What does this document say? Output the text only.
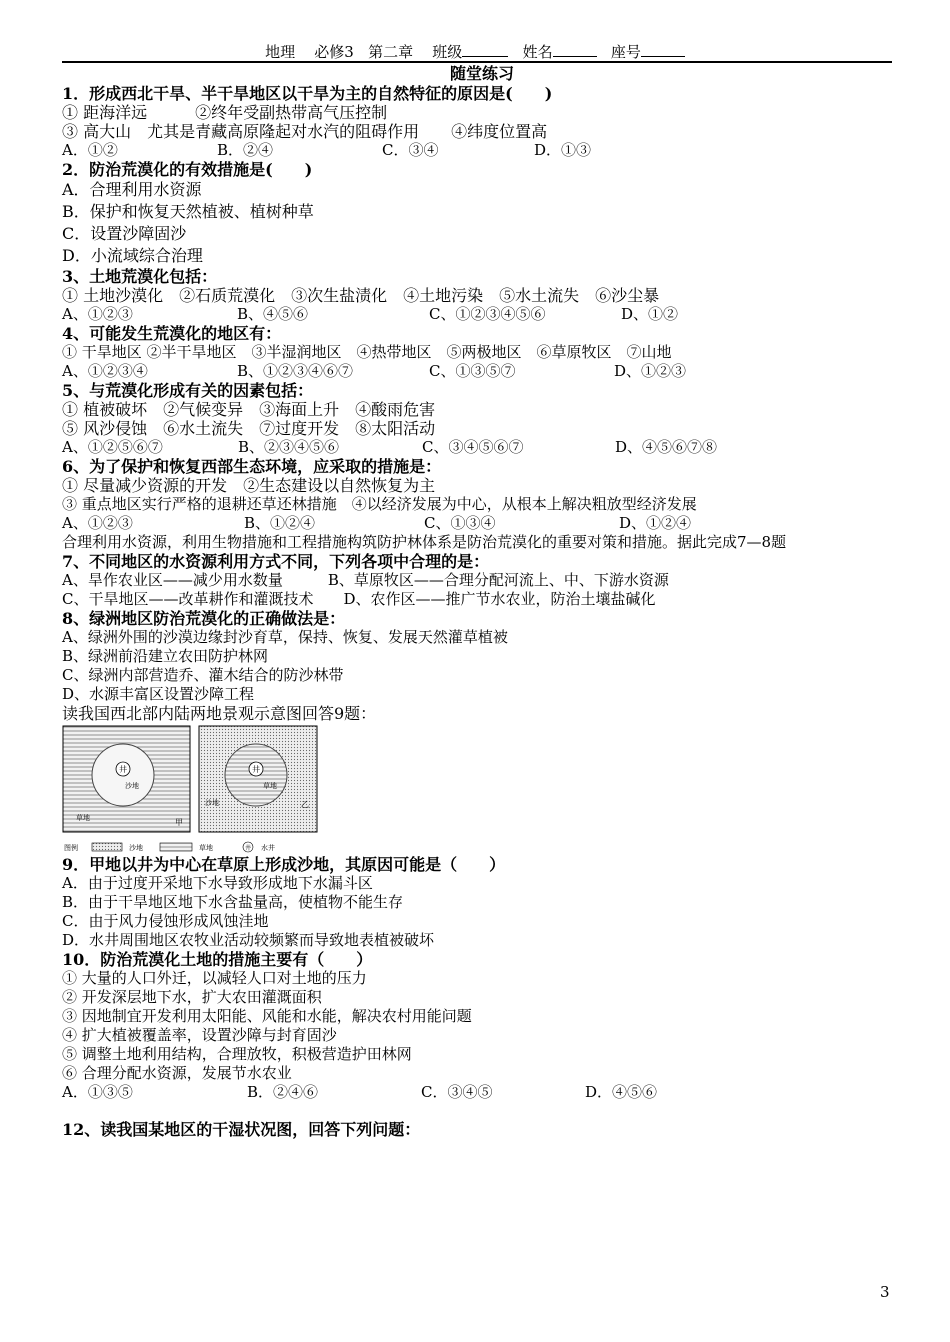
地理 必修3 第二章 班级	姓名	座号
随堂练习
1．形成西北干旱、半干旱地区以干旱为主的自然特征的原因是(　　)
① 距海洋远　　　②终年受副热带高气压控制
③ 高大山　尤其是青藏高原隆起对水汽的阻碍作用　　④纬度位置高
A．①②	B．②④	C．③④	D．①③
2．防治荒漠化的有效措施是(　　)
A．合理利用水资源
B．保护和恢复天然植被、植树种草
C．设置沙障固沙
D．小流域综合治理
3、土地荒漠化包括：
① 土地沙漠化　②石质荒漠化　③次生盐渍化　④土地污染　⑤水土流失　⑥沙尘暴
A、①②③	B、④⑤⑥	C、①②③④⑤⑥	D、①②
4、可能发生荒漠化的地区有：
① 干旱地区 ②半干旱地区　③半湿润地区　④热带地区　⑤两极地区　⑥草原牧区　⑦山地
A、①②③④	B、①②③④⑥⑦	C、①③⑤⑦	D、①②③
5、与荒漠化形成有关的因素包括：
① 植被破坏　②气候变异　③海面上升　④酸雨危害
⑤ 风沙侵蚀　⑥水土流失　⑦过度开发　⑧太阳活动
A、①②⑤⑥⑦	B、②③④⑤⑥	C、③④⑤⑥⑦	D、④⑤⑥⑦⑧
6、为了保护和恢复西部生态环境，应采取的措施是：
① 尽量减少资源的开发　②生态建设以自然恢复为主
③ 重点地区实行严格的退耕还草还林措施　④以经济发展为中心，从根本上解决粗放型经济发展
A、①②③	B、①②④	C、①③④	D、①②④
合理利用水资源，利用生物措施和工程措施构筑防护林体系是防治荒漠化的重要对策和措施。据此完成7—8题
7、不同地区的水资源利用方式不同，下列各项中合理的是：
A、旱作农业区——减少用水数量　　　B、草原牧区——合理分配河流上、中、下游水资源
C、干旱地区——改革耕作和灌溉技术　　D、农作区——推广节水农业，防治土壤盐碱化
8、绿洲地区防治荒漠化的正确做法是：
A、绿洲外围的沙漠边缘封沙育草，保持、恢复、发展天然灌草植被
B、绿洲前沿建立农田防护林网
C、绿洲内部营造乔、灌木结合的防沙林带
D、水源丰富区设置沙障工程
读我国西北部内陆两地景观示意图回答9题：
井
沙地
草地	甲
井
草地
沙地	乙
图例	沙地	草地	井 水井
9．甲地以井为中心在草原上形成沙地，其原因可能是（　　）
A．由于过度开采地下水导致形成地下水漏斗区
B．由于干旱地区地下水含盐量高，使植物不能生存
C．由于风力侵蚀形成风蚀洼地
D．水井周围地区农牧业活动较频繁而导致地表植被破坏
10．防治荒漠化土地的措施主要有（　　）
① 大量的人口外迁，以减轻人口对土地的压力
② 开发深层地下水，扩大农田灌溉面积
③ 因地制宜开发利用太阳能、风能和水能，解决农村用能问题
④ 扩大植被覆盖率，设置沙障与封育固沙
⑤ 调整土地利用结构，合理放牧，积极营造护田林网
⑥ 合理分配水资源，发展节水农业
A．①③⑤	B．②④⑥	C．③④⑤	D．④⑤⑥
12、读我国某地区的干湿状况图，回答下列问题：
3
